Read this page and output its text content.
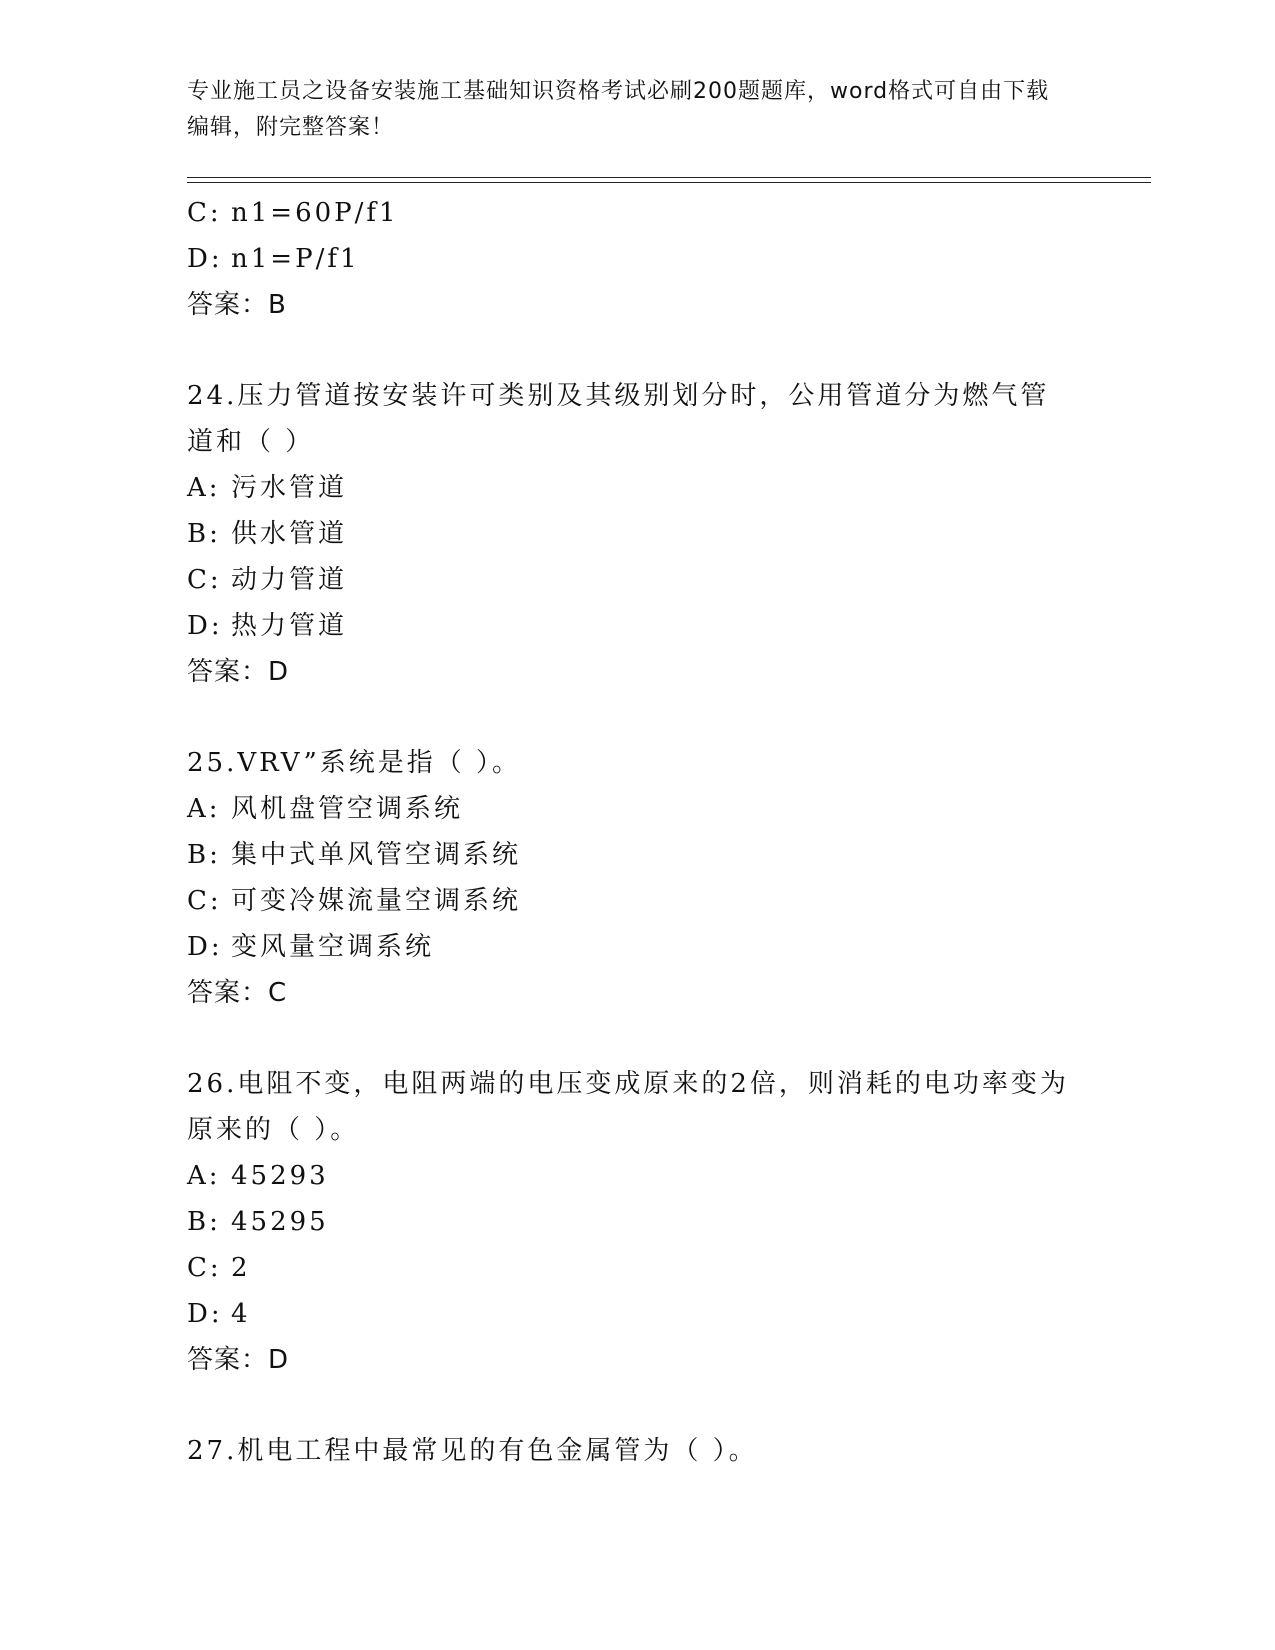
专业施工员之设备安装施工基础知识资格考试必刷200题题库，word格式可自由下载编辑，附完整答案！
C: n1=60P/f1
D: n1=P/f1
答案：B
24.压力管道按安装许可类别及其级别划分时，公用管道分为燃气管道和（ ）
A: 污水管道
B: 供水管道
C: 动力管道
D: 热力管道
答案：D
25.VRV”系统是指（ ）。
A: 风机盘管空调系统
B: 集中式单风管空调系统
C: 可变冷媒流量空调系统
D: 变风量空调系统
答案：C
26.电阻不变，电阻两端的电压变成原来的2倍，则消耗的电功率变为原来的（ ）。
A: 45293
B: 45295
C: 2
D: 4
答案：D
27.机电工程中最常见的有色金属管为（ ）。
